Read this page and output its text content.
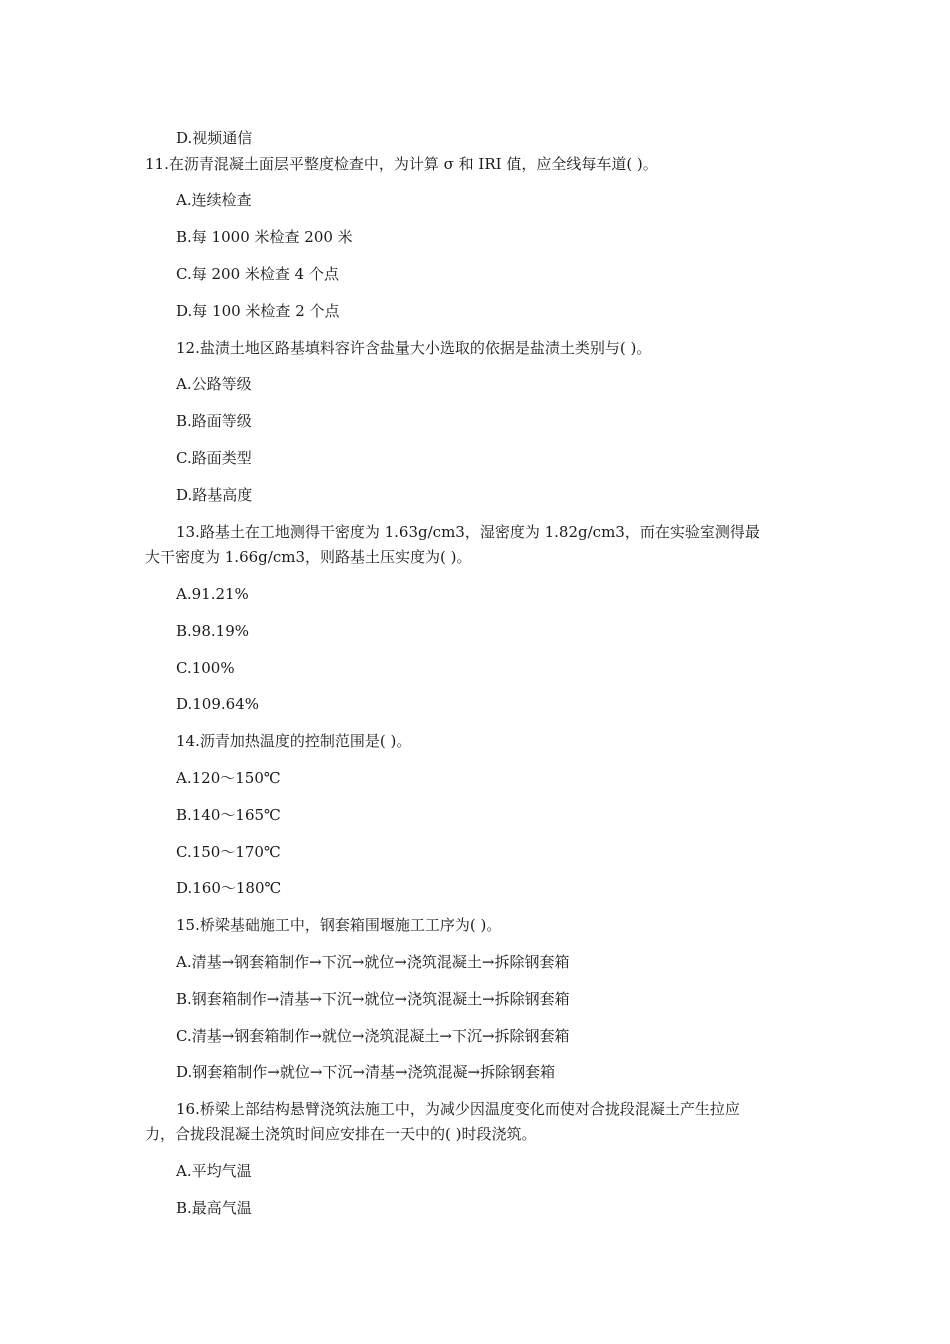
D.视频通信
11.在沥青混凝土面层平整度检查中，为计算 σ 和 IRI 值，应全线每车道( )。
A.连续检查
B.每 1000 米检查 200 米
C.每 200 米检查 4 个点
D.每 100 米检查 2 个点
12.盐渍土地区路基填料容许含盐量大小选取的依据是盐渍土类别与( )。
A.公路等级
B.路面等级
C.路面类型
D.路基高度
13.路基土在工地测得干密度为 1.63g/cm3，湿密度为 1.82g/cm3，而在实验室测得最
大干密度为 1.66g/cm3，则路基土压实度为( )。
A.91.21%
B.98.19%
C.100%
D.109.64%
14.沥青加热温度的控制范围是( )。
A.120～150℃
B.140～165℃
C.150～170℃
D.160～180℃
15.桥梁基础施工中，钢套箱围堰施工工序为( )。
A.清基→钢套箱制作→下沉→就位→浇筑混凝土→拆除钢套箱
B.钢套箱制作→清基→下沉→就位→浇筑混凝土→拆除钢套箱
C.清基→钢套箱制作→就位→浇筑混凝土→下沉→拆除钢套箱
D.钢套箱制作→就位→下沉→清基→浇筑混凝→拆除钢套箱
16.桥梁上部结构悬臂浇筑法施工中，为减少因温度变化而使对合拢段混凝土产生拉应
力，合拢段混凝土浇筑时间应安排在一天中的( )时段浇筑。
A.平均气温
B.最高气温
